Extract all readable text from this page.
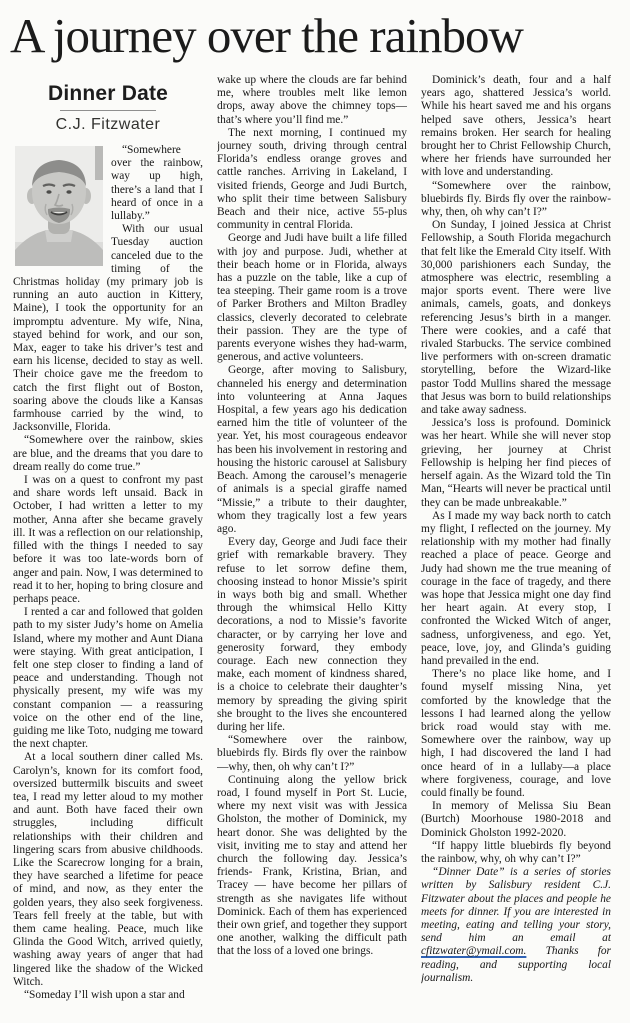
A journey over the rainbow
Dinner Date
C.J. Fitzwater

“Somewhere over the rainbow, way up high, there’s a land that I heard of once in a lullaby.”

With our usual Tuesday auction canceled due to the timing of the Christmas holiday (my primary job is running an auto auction in Kittery, Maine), I took the opportunity for an impromptu adventure. My wife, Nina, stayed behind for work, and our son, Max, eager to take his driver’s test and earn his license, decided to stay as well. Their choice gave me the freedom to catch the first flight out of Boston, soaring above the clouds like a Kansas farmhouse carried by the wind, to Jacksonville, Florida.

“Somewhere over the rainbow, skies are blue, and the dreams that you dare to dream really do come true.”

I was on a quest to confront my past and share words left unsaid. Back in October, I had written a letter to my mother, Anna after she became gravely ill. It was a reflection on our relationship, filled with the things I needed to say before it was too late-words born of anger and pain. Now, I was determined to read it to her, hoping to bring closure and perhaps peace.

I rented a car and followed that golden path to my sister Judy’s home on Amelia Island, where my mother and Aunt Diana were staying. With great anticipation, I felt one step closer to finding a land of peace and understanding. Though not physically present, my wife was my constant companion — a reassuring voice on the other end of the line, guiding me like Toto, nudging me toward the next chapter.

At a local southern diner called Ms. Carolyn’s, known for its comfort food, oversized buttermilk biscuits and sweet tea, I read my letter aloud to my mother and aunt. Both have faced their own struggles, including difficult relationships with their children and lingering scars from abusive childhoods. Like the Scarecrow longing for a brain, they have searched a lifetime for peace of mind, and now, as they enter the golden years, they also seek forgiveness. Tears fell freely at the table, but with them came healing. Peace, much like Glinda the Good Witch, arrived quietly, washing away years of anger that had lingered like the shadow of the Wicked Witch.

“Someday I’ll wish upon a star and

wake up where the clouds are far behind me, where troubles melt like lemon drops, away above the chimney tops—that’s where you’ll find me.”

The next morning, I continued my journey south, driving through central Florida’s endless orange groves and cattle ranches. Arriving in Lakeland, I visited friends, George and Judi Burtch, who split their time between Salisbury Beach and their nice, active 55-plus community in central Florida.

George and Judi have built a life filled with joy and purpose. Judi, whether at their beach home or in Florida, always has a puzzle on the table, like a cup of tea steeping. Their game room is a trove of Parker Brothers and Milton Bradley classics, cleverly decorated to celebrate their passion. They are the type of parents everyone wishes they had-warm, generous, and active volunteers.

George, after moving to Salisbury, channeled his energy and determination into volunteering at Anna Jaques Hospital, a few years ago his dedication earned him the title of volunteer of the year. Yet, his most courageous endeavor has been his involvement in restoring and housing the historic carousel at Salisbury Beach. Among the carousel’s menagerie of animals is a special giraffe named “Missie,” a tribute to their daughter, whom they tragically lost a few years ago.

Every day, George and Judi face their grief with remarkable bravery. They refuse to let sorrow define them, choosing instead to honor Missie’s spirit in ways both big and small. Whether through the whimsical Hello Kitty decorations, a nod to Missie’s favorite character, or by carrying her love and generosity forward, they embody courage. Each new connection they make, each moment of kindness shared, is a choice to celebrate their daughter’s memory by spreading the giving spirit she brought to the lives she encountered during her life.

“Somewhere over the rainbow, bluebirds fly. Birds fly over the rainbow—why, then, oh why can’t I?”

Continuing along the yellow brick road, I found myself in Port St. Lucie, where my next visit was with Jessica Gholston, the mother of Dominick, my heart donor. She was delighted by the visit, inviting me to stay and attend her church the following day. Jessica’s friends- Frank, Kristina, Brian, and Tracey — have become her pillars of strength as she navigates life without Dominick. Each of them has experienced their own grief, and together they support one another, walking the difficult path that the loss of a loved one brings.

Dominick’s death, four and a half years ago, shattered Jessica’s world. While his heart saved me and his organs helped save others, Jessica’s heart remains broken. Her search for healing brought her to Christ Fellowship Church, where her friends have surrounded her with love and understanding.

“Somewhere over the rainbow, bluebirds fly. Birds fly over the rainbow-why, then, oh why can’t I?”

On Sunday, I joined Jessica at Christ Fellowship, a South Florida megachurch that felt like the Emerald City itself. With 30,000 parishioners each Sunday, the atmosphere was electric, resembling a major sports event. There were live animals, camels, goats, and donkeys referencing Jesus’s birth in a manger. There were cookies, and a café that rivaled Starbucks. The service combined live performers with on-screen dramatic storytelling, before the Wizard-like pastor Todd Mullins shared the message that Jesus was born to build relationships and take away sadness.

Jessica’s loss is profound. Dominick was her heart. While she will never stop grieving, her journey at Christ Fellowship is helping her find pieces of herself again. As the Wizard told the Tin Man, “Hearts will never be practical until they can be made unbreakable.”

As I made my way back north to catch my flight, I reflected on the journey. My relationship with my mother had finally reached a place of peace. George and Judy had shown me the true meaning of courage in the face of tragedy, and there was hope that Jessica might one day find her heart again. At every stop, I confronted the Wicked Witch of anger, sadness, unforgiveness, and ego. Yet, peace, love, joy, and Glinda’s guiding hand prevailed in the end.

There’s no place like home, and I found myself missing Nina, yet comforted by the knowledge that the lessons I had learned along the yellow brick road would stay with me. Somewhere over the rainbow, way up high, I had discovered the land I had once heard of in a lullaby—a place where forgiveness, courage, and love could finally be found.

In memory of Melissa Siu Bean (Burtch) Moorhouse 1980-2018 and Dominick Gholston 1992-2020.

“If happy little bluebirds fly beyond the rainbow, why, oh why can’t I?”

“Dinner Date” is a series of stories written by Salisbury resident C.J. Fitzwater about the places and people he meets for dinner. If you are interested in meeting, eating and telling your story, send him an email at cfitzwater@ymail.com. Thanks for reading, and supporting local journalism.
